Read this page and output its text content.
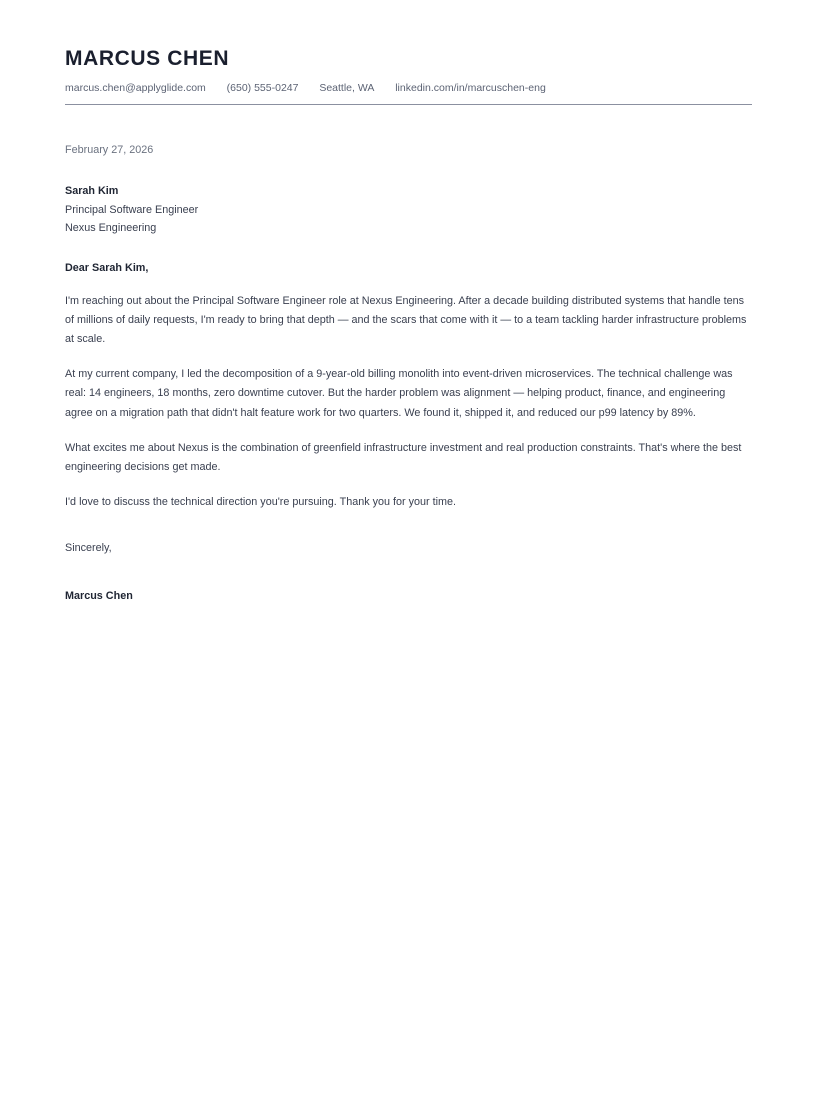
MARCUS CHEN
marcus.chen@applyglide.com (650) 555-0247 Seattle, WA linkedin.com/in/marcuschen-eng
February 27, 2026
Sarah Kim
Principal Software Engineer
Nexus Engineering
Dear Sarah Kim,

I'm reaching out about the Principal Software Engineer role at Nexus Engineering. After a decade building distributed systems that handle tens of millions of daily requests, I'm ready to bring that depth — and the scars that come with it — to a team tackling harder infrastructure problems at scale.

At my current company, I led the decomposition of a 9-year-old billing monolith into event-driven microservices. The technical challenge was real: 14 engineers, 18 months, zero downtime cutover. But the harder problem was alignment — helping product, finance, and engineering agree on a migration path that didn't halt feature work for two quarters. We found it, shipped it, and reduced our p99 latency by 89%.

What excites me about Nexus is the combination of greenfield infrastructure investment and real production constraints. That's where the best engineering decisions get made.

I'd love to discuss the technical direction you're pursuing. Thank you for your time.

Sincerely,
Marcus Chen
